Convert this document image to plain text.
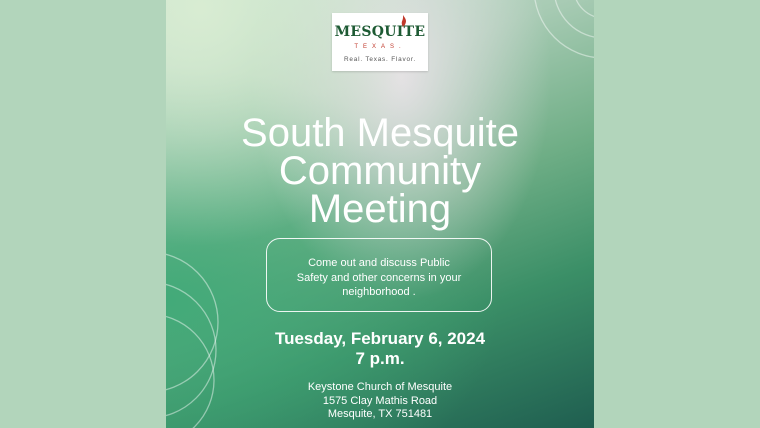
MESQUITE
TEXAS.
Real. Texas. Flavor.
South Mesquite
Community
Meeting
Come out and discuss Public
Safety and other concerns in your
neighborhood .
Tuesday, February 6, 2024
7 p.m.
Keystone Church of Mesquite
1575 Clay Mathis Road
Mesquite, TX 751481
